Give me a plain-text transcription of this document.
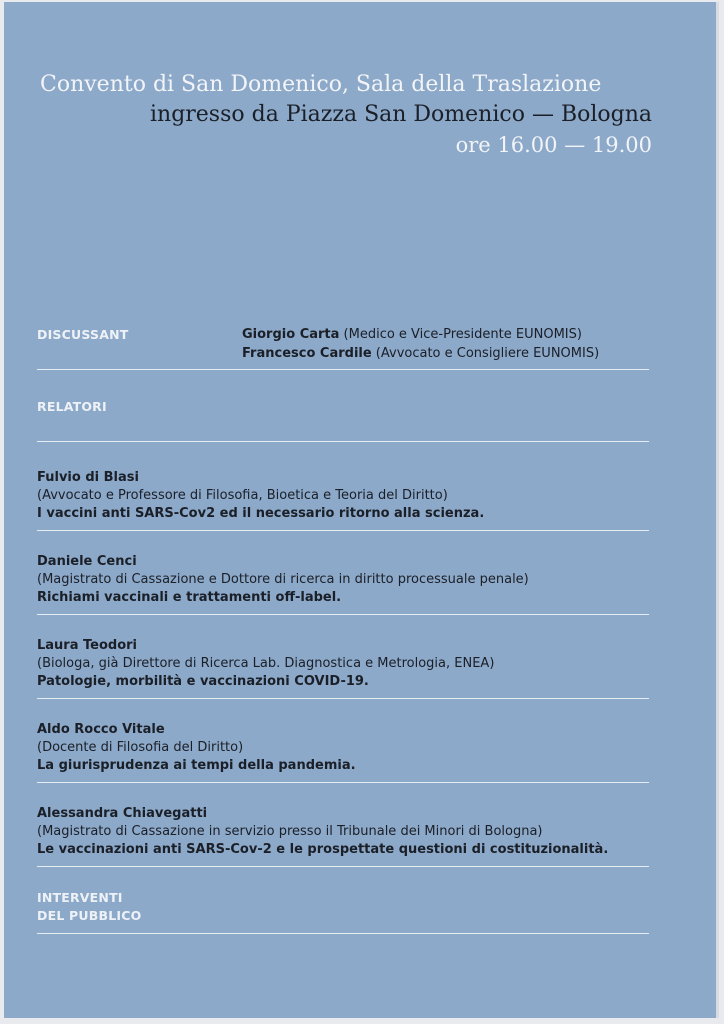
Convento di San Domenico, Sala della Traslazione
ingresso da Piazza San Domenico — Bologna
ore 16.00 — 19.00
DISCUSSANT	Giorgio Carta (Medico e Vice-Presidente EUNOMIS)
Francesco Cardile (Avvocato e Consigliere EUNOMIS)
RELATORI
Fulvio di Blasi
(Avvocato e Professore di Filosofia, Bioetica e Teoria del Diritto)
I vaccini anti SARS-Cov2 ed il necessario ritorno alla scienza.
Daniele Cenci
(Magistrato di Cassazione e Dottore di ricerca in diritto processuale penale)
Richiami vaccinali e trattamenti off-label.
Laura Teodori
(Biologa, già Direttore di Ricerca Lab. Diagnostica e Metrologia, ENEA)
Patologie, morbilità e vaccinazioni COVID-19.
Aldo Rocco Vitale
(Docente di Filosofia del Diritto)
La giurisprudenza ai tempi della pandemia.
Alessandra Chiavegatti
(Magistrato di Cassazione in servizio presso il Tribunale dei Minori di Bologna)
Le vaccinazioni anti SARS-Cov-2 e le prospettate questioni di costituzionalità.
INTERVENTI
DEL PUBBLICO
